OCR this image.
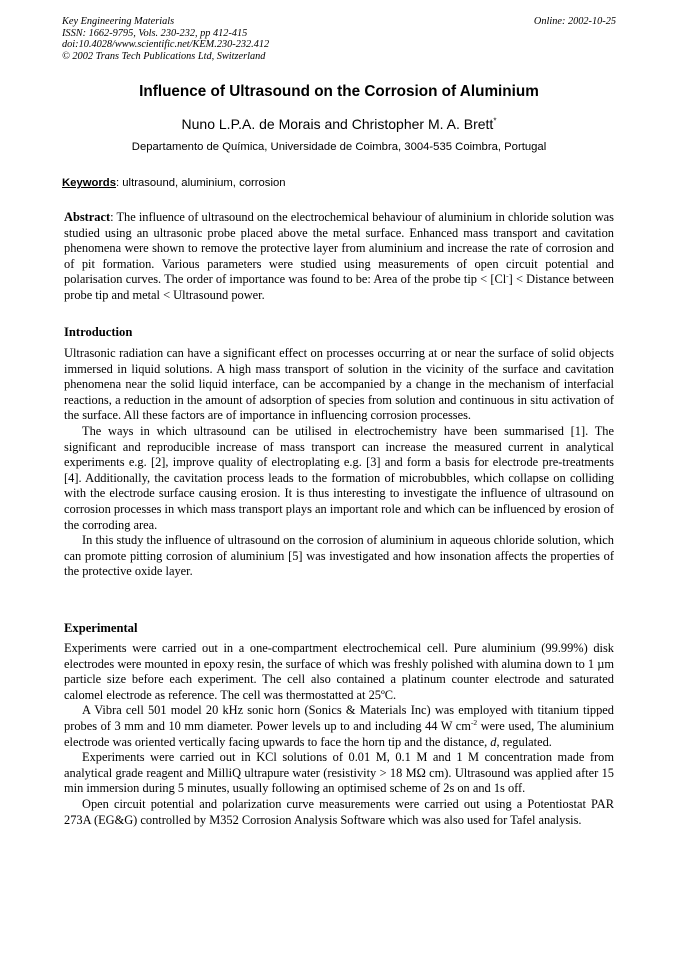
Key Engineering Materials
ISSN: 1662-9795, Vols. 230-232, pp 412-415
doi:10.4028/www.scientific.net/KEM.230-232.412
© 2002 Trans Tech Publications Ltd, Switzerland
Online: 2002-10-25
Influence of Ultrasound on the Corrosion of Aluminium
Nuno L.P.A. de Morais and Christopher M. A. Brett*
Departamento de Química, Universidade de Coimbra, 3004-535 Coimbra, Portugal
Keywords: ultrasound, aluminium, corrosion

Abstract: The influence of ultrasound on the electrochemical behaviour of aluminium in chloride solution was studied using an ultrasonic probe placed above the metal surface. Enhanced mass transport and cavitation phenomena were shown to remove the protective layer from aluminium and increase the rate of corrosion and of pit formation. Various parameters were studied using measurements of open circuit potential and polarisation curves. The order of importance was found to be: Area of the probe tip < [Cl-] < Distance between probe tip and metal < Ultrasound power.

Introduction

Ultrasonic radiation can have a significant effect on processes occurring at or near the surface of solid objects immersed in liquid solutions. A high mass transport of solution in the vicinity of the surface and cavitation phenomena near the solid liquid interface, can be accompanied by a change in the mechanism of interfacial reactions, a reduction in the amount of adsorption of species from solution and continuous in situ activation of the surface. All these factors are of importance in influencing corrosion processes.

The ways in which ultrasound can be utilised in electrochemistry have been summarised [1]. The significant and reproducible increase of mass transport can increase the measured current in analytical experiments e.g. [2], improve quality of electroplating e.g. [3] and form a basis for electrode pre-treatments [4]. Additionally, the cavitation process leads to the formation of microbubbles, which collapse on colliding with the electrode surface causing erosion. It is thus interesting to investigate the influence of ultrasound on corrosion processes in which mass transport plays an important role and which can be influenced by erosion of the corroding area.

In this study the influence of ultrasound on the corrosion of aluminium in aqueous chloride solution, which can promote pitting corrosion of aluminium [5] was investigated and how insonation affects the properties of the protective oxide layer.

Experimental

Experiments were carried out in a one-compartment electrochemical cell. Pure aluminium (99.99%) disk electrodes were mounted in epoxy resin, the surface of which was freshly polished with alumina down to 1 µm particle size before each experiment. The cell also contained a platinum counter electrode and saturated calomel electrode as reference. The cell was thermostatted at 25ºC.

A Vibra cell 501 model 20 kHz sonic horn (Sonics & Materials Inc) was employed with titanium tipped probes of 3 mm and 10 mm diameter. Power levels up to and including 44 W $cm^{-2}$ were used, The aluminium electrode was oriented vertically facing upwards to face the horn tip and the distance, d, regulated.

Experiments were carried out in KCl solutions of 0.01 M, 0.1 M and 1 M concentration made from analytical grade reagent and MilliQ ultrapure water (resistivity > 18 MΩ cm). Ultrasound was applied after 15 min immersion during 5 minutes, usually following an optimised scheme of 2s on and 1s off.

Open circuit potential and polarization curve measurements were carried out using a Potentiostat PAR 273A (EG&G) controlled by M352 Corrosion Analysis Software which was also used for Tafel analysis.
